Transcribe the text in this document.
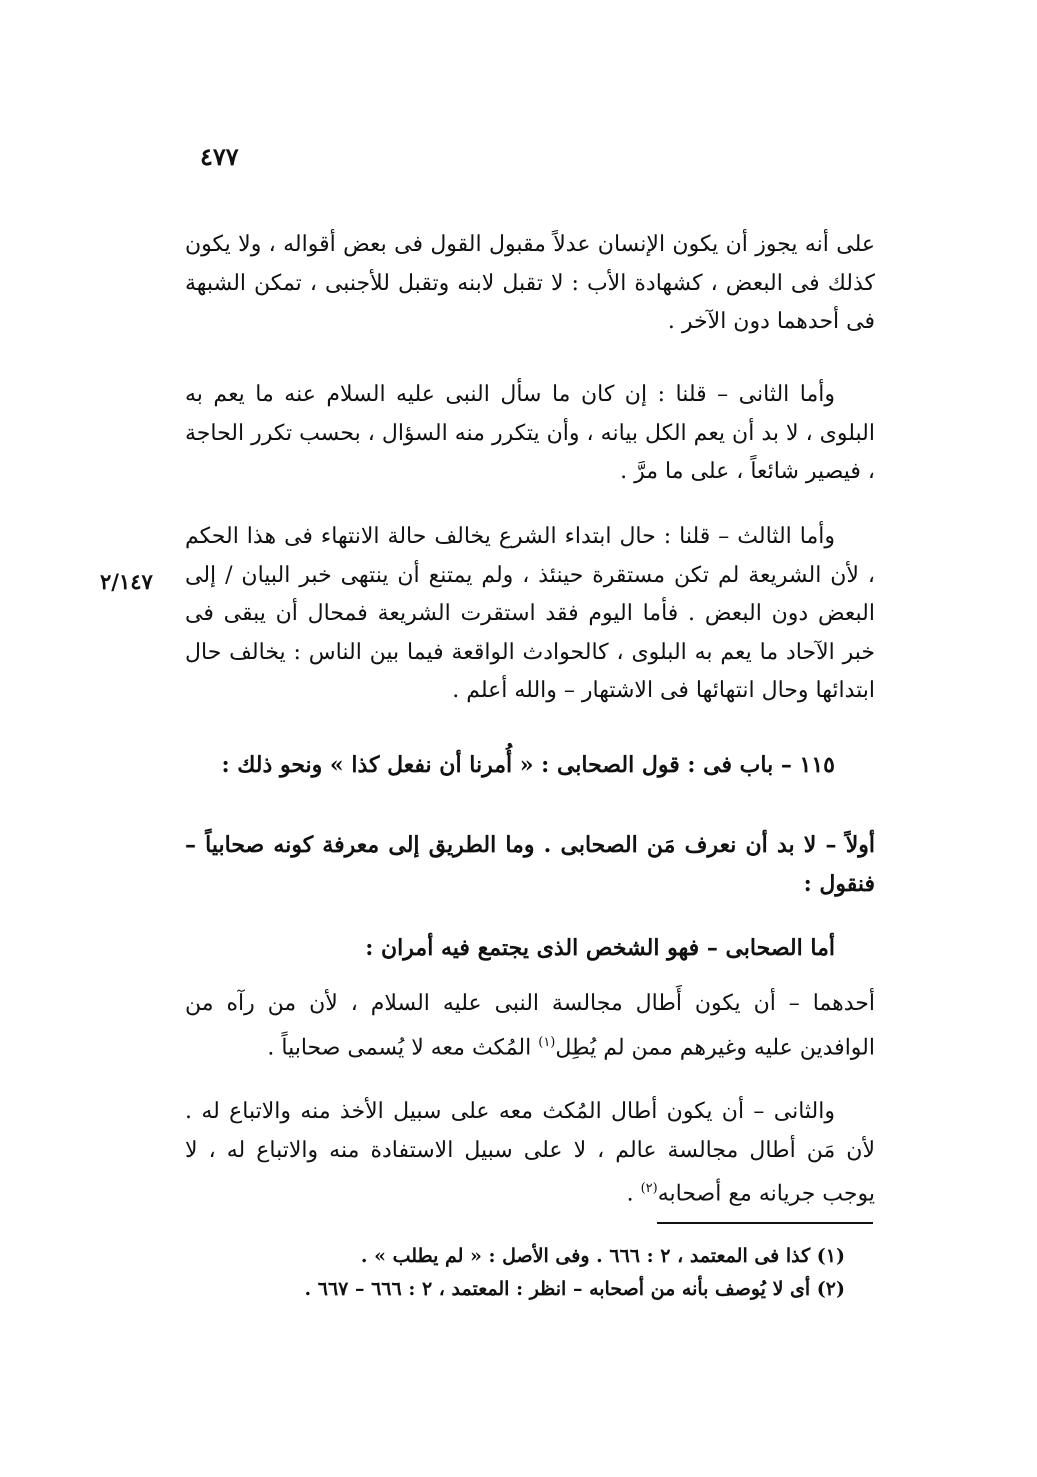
٤٧٧

على أنه يجوز أن يكون الإنسان عدلاً مقبول القول فى بعض أقواله ، ولا يكون كذلك فى البعض ، كشهادة الأب : لا تقبل لابنه وتقبل للأجنبى ، تمكن الشبهة فى أحدهما دون الآخر .

وأما الثانى – قلنا : إن كان ما سأل النبى عليه السلام عنه ما يعم به البلوى ، لا بد أن يعم الكل بيانه ، وأن يتكرر منه السؤال ، بحسب تكرر الحاجة ، فيصير شائعاً ، على ما مرَّ .

وأما الثالث – قلنا : حال ابتداء الشرع يخالف حالة الانتهاء فى هذا الحكم ، لأن الشريعة لم تكن مستقرة حينئذ ، ولم يمتنع أن ينتهى خبر البيان / إلى البعض دون البعض . فأما اليوم فقد استقرت الشريعة فمحال أن يبقى فى خبر الآحاد ما يعم به البلوى ، كالحوادث الواقعة فيما بين الناس : يخالف حال ابتدائها وحال انتهائها فى الاشتهار – والله أعلم .

٢/١٤٧

١١٥ – باب فى : قول الصحابى : « أُمرنا أن نفعل كذا » ونحو ذلك :

أولاً – لا بد أن نعرف مَن الصحابى . وما الطريق إلى معرفة كونه صحابياً – فنقول :

أما الصحابى – فهو الشخص الذى يجتمع فيه أمران :

أحدهما – أن يكون أَطال مجالسة النبى عليه السلام ، لأن من رآه من الوافدين عليه وغيرهم ممن لم يُطِل$^{(١)}$ المُكث معه لا يُسمى صحابياً .

والثانى – أن يكون أطال المُكث معه على سبيل الأخذ منه والاتباع له . لأن مَن أطال مجالسة عالم ، لا على سبيل الاستفادة منه والاتباع له ، لا يوجب جريانه مع أصحابه$^{(٢)}$ .

(١) كذا فى المعتمد ، ٢ : ٦٦٦ . وفى الأصل : « لم يطلب » .

(٢) أى لا يُوصف بأنه من أصحابه – انظر : المعتمد ، ٢ : ٦٦٦ – ٦٦٧ .
